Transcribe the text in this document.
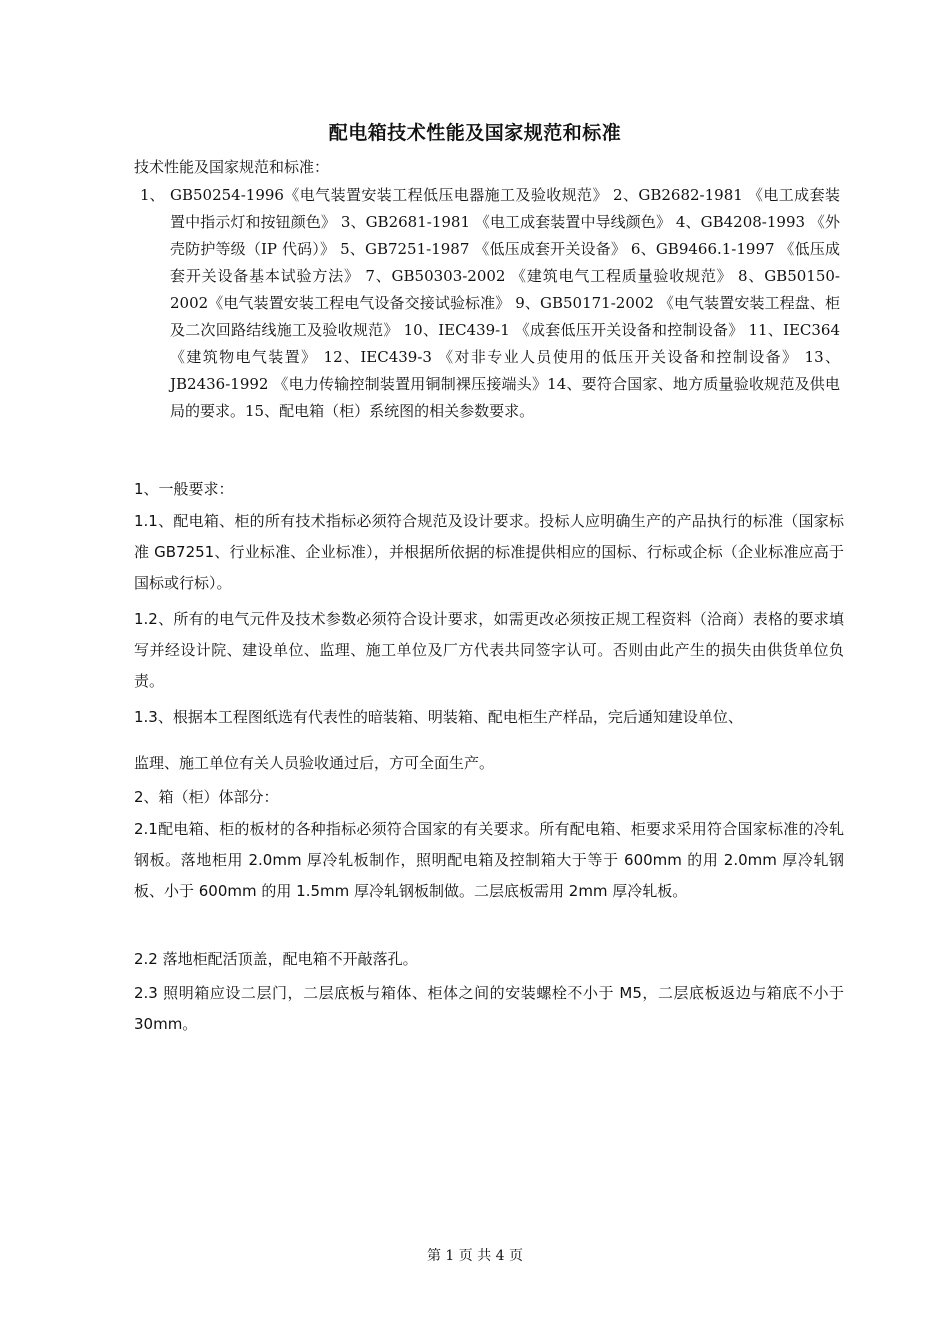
配电箱技术性能及国家规范和标准
技术性能及国家规范和标准：
1、 GB50254-1996《电气装置安装工程低压电器施工及验收规范》 2、GB2682-1981 《电工成套装置中指示灯和按钮颜色》 3、GB2681-1981 《电工成套装置中导线颜色》 4、GB4208-1993 《外壳防护等级（IP 代码）》 5、GB7251-1987 《低压成套开关设备》 6、GB9466.1-1997 《低压成套开关设备基本试验方法》 7、GB50303-2002 《建筑电气工程质量验收规范》 8、GB50150-2002《电气装置安装工程电气设备交接试验标准》 9、GB50171-2002 《电气装置安装工程盘、柜及二次回路结线施工及验收规范》 10、IEC439-1 《成套低压开关设备和控制设备》 11、IEC364 《建筑物电气装置》 12、IEC439-3 《对非专业人员使用的低压开关设备和控制设备》 13、JB2436-1992 《电力传输控制装置用铜制裸压接端头》14、要符合国家、地方质量验收规范及供电局的要求。15、配电箱（柜）系统图的相关参数要求。
1、一般要求：
1.1、配电箱、柜的所有技术指标必须符合规范及设计要求。投标人应明确生产的产品执行的标准（国家标准 GB7251、行业标准、企业标准），并根据所依据的标准提供相应的国标、行标或企标（企业标准应高于国标或行标）。
1.2、所有的电气元件及技术参数必须符合设计要求，如需更改必须按正规工程资料（洽商）表格的要求填写并经设计院、建设单位、监理、施工单位及厂方代表共同签字认可。否则由此产生的损失由供货单位负责。
1.3、根据本工程图纸选有代表性的暗装箱、明装箱、配电柜生产样品，完后通知建设单位、
监理、施工单位有关人员验收通过后，方可全面生产。
2、箱（柜）体部分：
2.1配电箱、柜的板材的各种指标必须符合国家的有关要求。所有配电箱、柜要求采用符合国家标准的冷轧钢板。落地柜用 2.0mm 厚冷轧板制作，照明配电箱及控制箱大于等于 600mm 的用 2.0mm 厚冷轧钢板、小于 600mm 的用 1.5mm 厚冷轧钢板制做。二层底板需用 2mm 厚冷轧板。
2.2 落地柜配活顶盖，配电箱不开敲落孔。
2.3 照明箱应设二层门，二层底板与箱体、柜体之间的安装螺栓不小于 M5，二层底板返边与箱底不小于 30mm。
第 1 页 共 4 页
